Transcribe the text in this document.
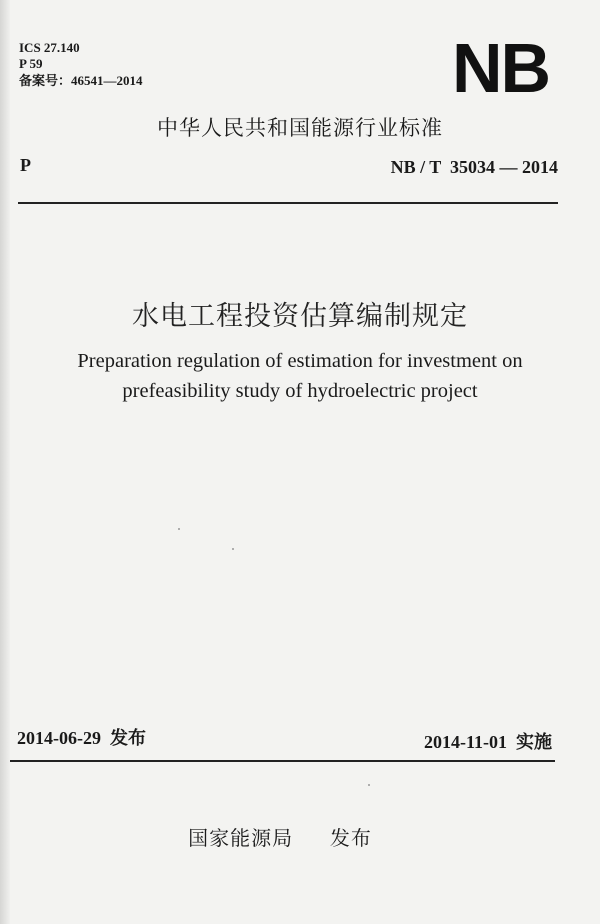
ICS 27.140
P 59
备案号：46541—2014	NB
中华人民共和国能源行业标准
P	NB / T  35034 — 2014
水电工程投资估算编制规定
Preparation regulation of estimation for investment on
prefeasibility study of hydroelectric project
2014-06-29  发布	2014-11-01  实施
国家能源局     发布
